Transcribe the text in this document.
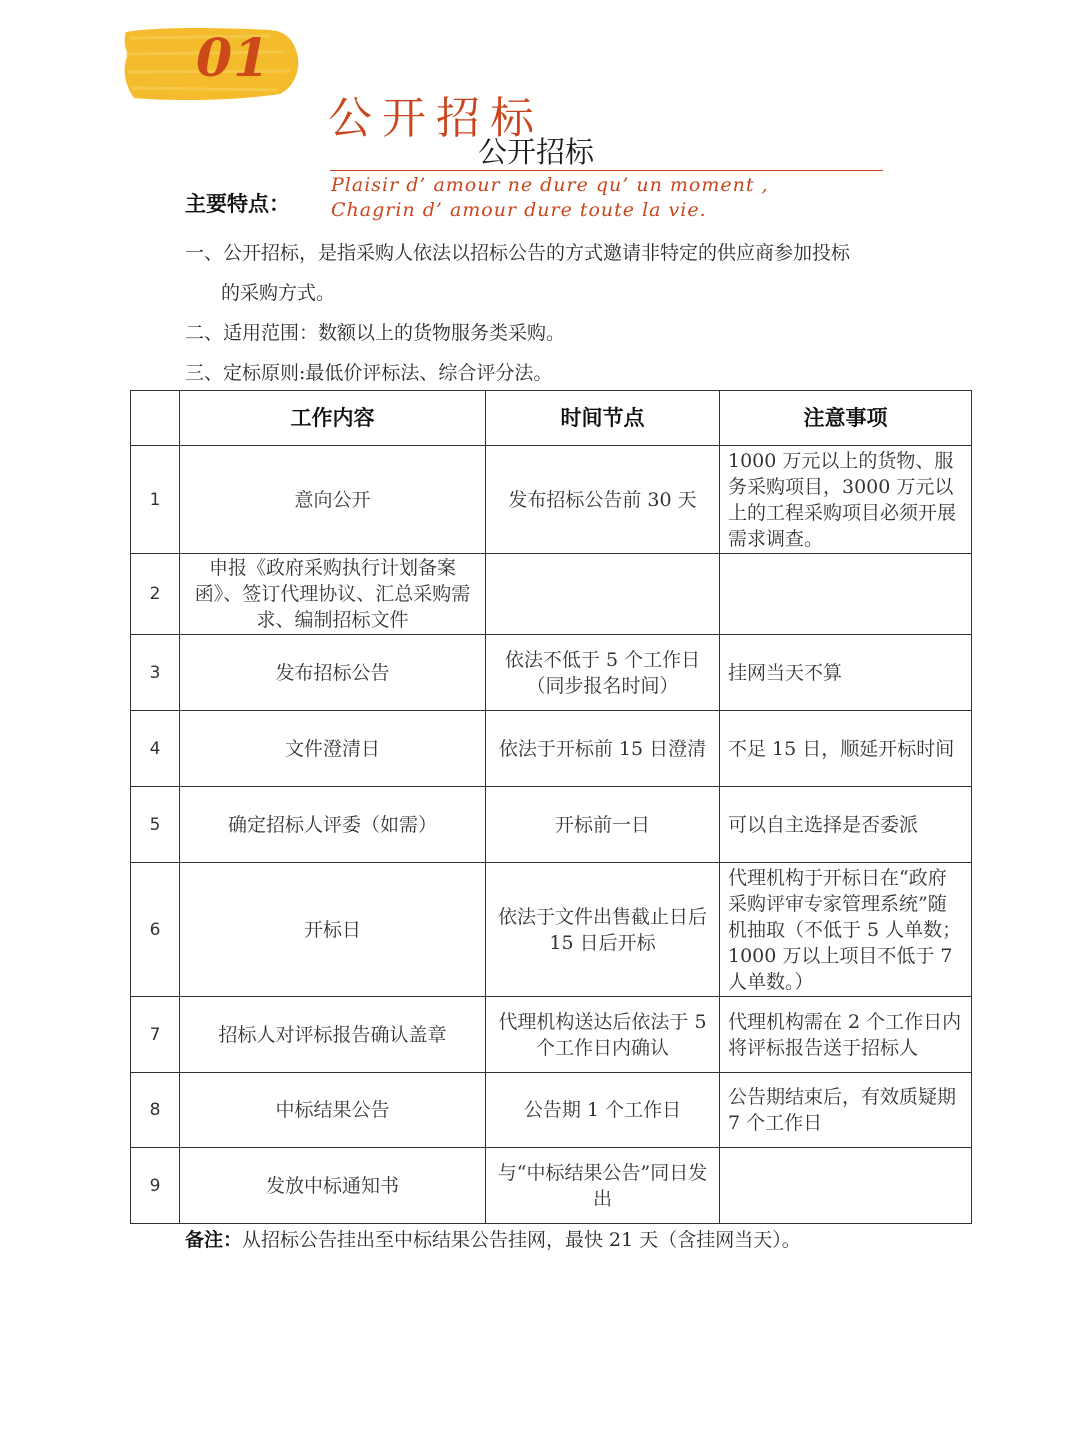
01
公开招标
公开招标
Plaisir d’ amour ne dure qu’ un moment ,
Chagrin d’ amour dure toute la vie.
主要特点：
一、公开招标，是指采购人依法以招标公告的方式邀请非特定的供应商参加投标
的采购方式。
二、适用范围：数额以上的货物服务类采购。
三、定标原则:最低价评标法、综合评分法。
	工作内容	时间节点	注意事项
1	意向公开	发布招标公告前 30 天	1000 万元以上的货物、服务采购项目，3000 万元以上的工程采购项目必须开展需求调查。
2	申报《政府采购执行计划备案函》、签订代理协议、汇总采购需求、编制招标文件		
3	发布招标公告	依法不低于 5 个工作日（同步报名时间）	挂网当天不算
4	文件澄清日	依法于开标前 15 日澄清	不足 15 日，顺延开标时间
5	确定招标人评委（如需）	开标前一日	可以自主选择是否委派
6	开标日	依法于文件出售截止日后 15 日后开标	代理机构于开标日在“政府采购评审专家管理系统”随机抽取（不低于 5 人单数；1000 万以上项目不低于 7 人单数。）
7	招标人对评标报告确认盖章	代理机构送达后依法于 5 个工作日内确认	代理机构需在 2 个工作日内将评标报告送于招标人
8	中标结果公告	公告期 1 个工作日	公告期结束后，有效质疑期 7 个工作日
9	发放中标通知书	与“中标结果公告”同日发出	
备注：从招标公告挂出至中标结果公告挂网，最快 21 天（含挂网当天）。
